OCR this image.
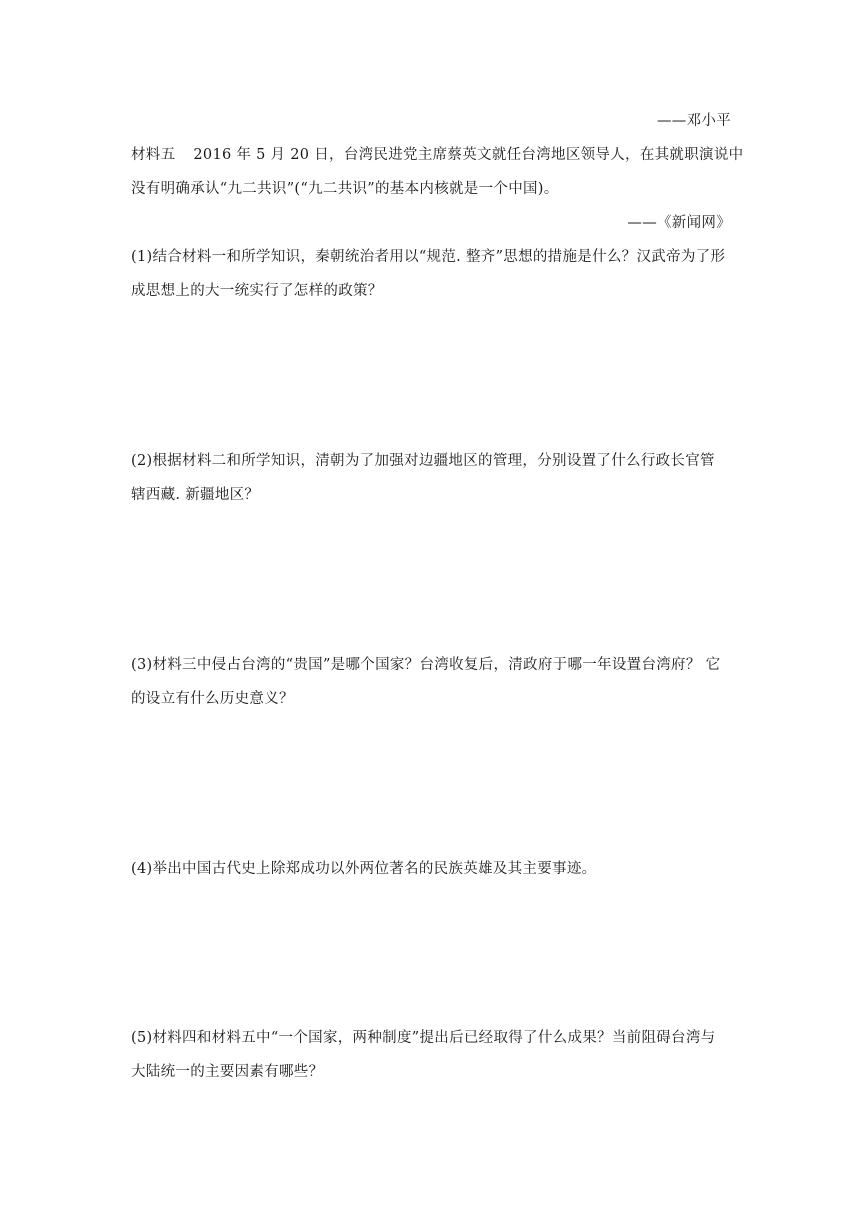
——邓小平
材料五 2016 年 5 月 20 日，台湾民进党主席蔡英文就任台湾地区领导人，在其就职演说中
没有明确承认“九二共识”(“九二共识”的基本内核就是一个中国)。
——《新闻网》
(1)结合材料一和所学知识，秦朝统治者用以“规范. 整齐”思想的措施是什么？汉武帝为了形
成思想上的大一统实行了怎样的政策？
(2)根据材料二和所学知识，清朝为了加强对边疆地区的管理，分别设置了什么行政长官管
辖西藏. 新疆地区？
(3)材料三中侵占台湾的“贵国”是哪个国家？台湾收复后，清政府于哪一年设置台湾府？ 它
的设立有什么历史意义？
(4)举出中国古代史上除郑成功以外两位著名的民族英雄及其主要事迹。
(5)材料四和材料五中“一个国家，两种制度”提出后已经取得了什么成果？当前阻碍台湾与
大陆统一的主要因素有哪些？
